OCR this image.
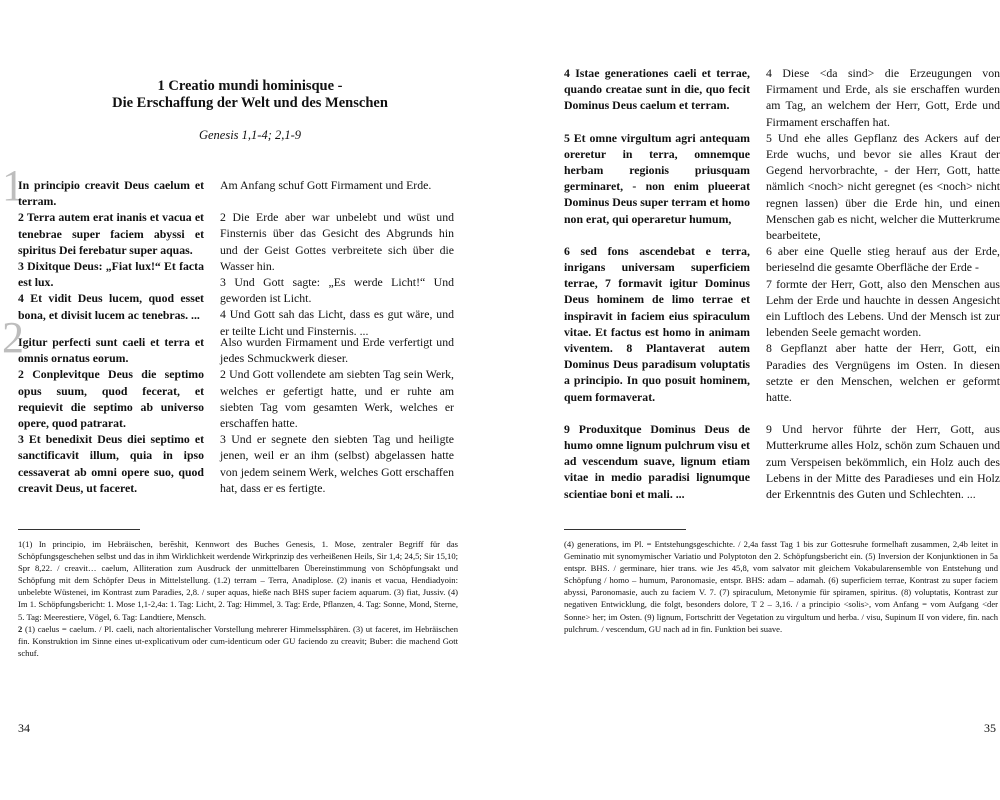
1 Creatio mundi hominisque -
Die Erschaffung der Welt und des Menschen
Genesis 1,1-4; 2,1-9
1
2

In principio creavit Deus caelum et terram.

2 Terra autem erat inanis et vacua et tenebrae super faciem abyssi et spiritus Dei ferebatur super aquas.

3 Dixitque Deus: „Fiat lux!“ Et facta est lux.

4 Et vidit Deus lucem, quod esset bona, et divisit lucem ac tenebras. ...

Am Anfang schuf Gott Firmament und Erde.

2 Die Erde aber war unbelebt und wüst und Finsternis über das Gesicht des Abgrunds hin und der Geist Gottes verbreitete sich über die Wasser hin.

3 Und Gott sagte: „Es werde Licht!“ Und geworden ist Licht.

4 Und Gott sah das Licht, dass es gut wäre, und er teilte Licht und Finsternis. ...

Igitur perfecti sunt caeli et terra et omnis ornatus eorum.

2 Conplevitque Deus die septimo opus suum, quod fecerat, et requievit die septimo ab universo opere, quod patrarat.

3 Et benedixit Deus diei septimo et sanctificavit illum, quia in ipso cessaverat ab omni opere suo, quod creavit Deus, ut faceret.

Also wurden Firmament und Erde verfertigt und jedes Schmuckwerk dieser.

2 Und Gott vollendete am siebten Tag sein Werk, welches er gefertigt hatte, und er ruhte am siebten Tag vom gesamten Werk, welches er erschaffen hatte.

3 Und er segnete den siebten Tag und heiligte jenen, weil er an ihm (selbst) abgelassen hatte von jedem seinem Werk, welches Gott erschaffen hat, dass er es fertigte.

1(1) In principio, im Hebräischen, berēshit, Kennwort des Buches Genesis, 1. Mose, zentraler Begriff für das Schöpfungsgeschehen selbst und das in ihm Wirklichkeit werdende Wirkprinzip des verheißenen Heils, Sir 1,4; 24,5; Sir 15,10; Spr 8,22. / creavit… caelum, Alliteration zum Ausdruck der unmittelbaren Übereinstimmung von Schöpfungsakt und Schöpfung mit dem Schöpfer Deus in Mittelstellung. (1.2) terram – Terra, Anadiplose. (2) inanis et vacua, Hendiadyoin: unbelebte Wüstenei, im Kontrast zum Paradies, 2,8. / super aquas, hieße nach BHS super faciem aquarum. (3) fiat, Jussiv. (4) Im 1. Schöpfungsbericht: 1. Mose 1,1-2,4a: 1. Tag: Licht, 2. Tag: Himmel, 3. Tag: Erde, Pflanzen, 4. Tag: Sonne, Mond, Sterne, 5. Tag: Meerestiere, Vögel, 6. Tag: Landtiere, Mensch.

2 (1) caelus = caelum. / Pl. caeli, nach altorientalischer Vorstellung mehrerer Himmelssphären. (3) ut faceret, im Hebräischen fin. Konstruktion im Sinne eines ut-explicativum oder cum-identicum oder GU faciendo zu creavit; Buber: die machend Gott schuf.

34

4 Istae generationes caeli et terrae, quando creatae sunt in die, quo fecit Dominus Deus caelum et terram.

5 Et omne virgultum agri antequam oreretur in terra, omnemque herbam regionis priusquam germinaret, - non enim plueerat Dominus Deus super terram et homo non erat, qui operaretur humum,

6 sed fons ascendebat e terra, inrigans universam superficiem terrae, 7 formavit igitur Dominus Deus hominem de limo terrae et inspiravit in faciem eius spiraculum vitae. Et factus est homo in animam viventem. 8 Plantaverat autem Dominus Deus paradisum voluptatis a principio. In quo posuit hominem, quem formaverat.

9 Produxitque Dominus Deus de humo omne lignum pulchrum visu et ad vescendum suave, lignum etiam vitae in medio paradisi lignumque scientiae boni et mali. ...

4 Diese <da sind> die Erzeugungen von Firmament und Erde, als sie erschaffen wurden am Tag, an welchem der Herr, Gott, Erde und Firmament erschaffen hat.

5 Und ehe alles Gepflanz des Ackers auf der Erde wuchs, und bevor sie alles Kraut der Gegend hervorbrachte, - der Herr, Gott, hatte nämlich <noch> nicht geregnet (es <noch> nicht regnen lassen) über die Erde hin, und einen Menschen gab es nicht, welcher die Mutterkrume bearbeitete,

6 aber eine Quelle stieg herauf aus der Erde, berieselnd die gesamte Oberfläche der Erde -

7 formte der Herr, Gott, also den Menschen aus Lehm der Erde und hauchte in dessen Angesicht ein Luftloch des Lebens. Und der Mensch ist zur lebenden Seele gemacht worden.

8 Gepflanzt aber hatte der Herr, Gott, ein Paradies des Vergnügens im Osten. In diesen setzte er den Menschen, welchen er geformt hatte.

9 Und hervor führte der Herr, Gott, aus Mutterkrume alles Holz, schön zum Schauen und zum Verspeisen bekömmlich, ein Holz auch des Lebens in der Mitte des Paradieses und ein Holz der Erkenntnis des Guten und Schlechten. ...

(4) generations, im Pl. = Entstehungsgeschichte. / 2,4a fasst Tag 1 bis zur Gottesruhe formelhaft zusammen, 2,4b leitet in Geminatio mit synomymischer Variatio und Polyptoton den 2. Schöpfungsbericht ein. (5) Inversion der Konjunktionen in 5a entspr. BHS. / germinare, hier trans. wie Jes 45,8, vom salvator mit gleichem Vokabularensemble von Entstehung und Schöpfung / homo – humum, Paronomasie, entspr. BHS: adam – adamah. (6) superficiem terrae, Kontrast zu super faciem abyssi, Paronomasie, auch zu faciem V. 7. (7) spiraculum, Metonymie für spiramen, spiritus. (8) voluptatis, Kontrast zur negativen Entwicklung, die folgt, besonders dolore, T 2 – 3,16. / a principio <solis>, vom Anfang = vom Aufgang <der Sonne> her; im Osten. (9) lignum, Fortschritt der Vegetation zu virgultum und herba. / visu, Supinum II von videre, fin. nach pulchrum. / vescendum, GU nach ad in fin. Funktion bei suave.

35
